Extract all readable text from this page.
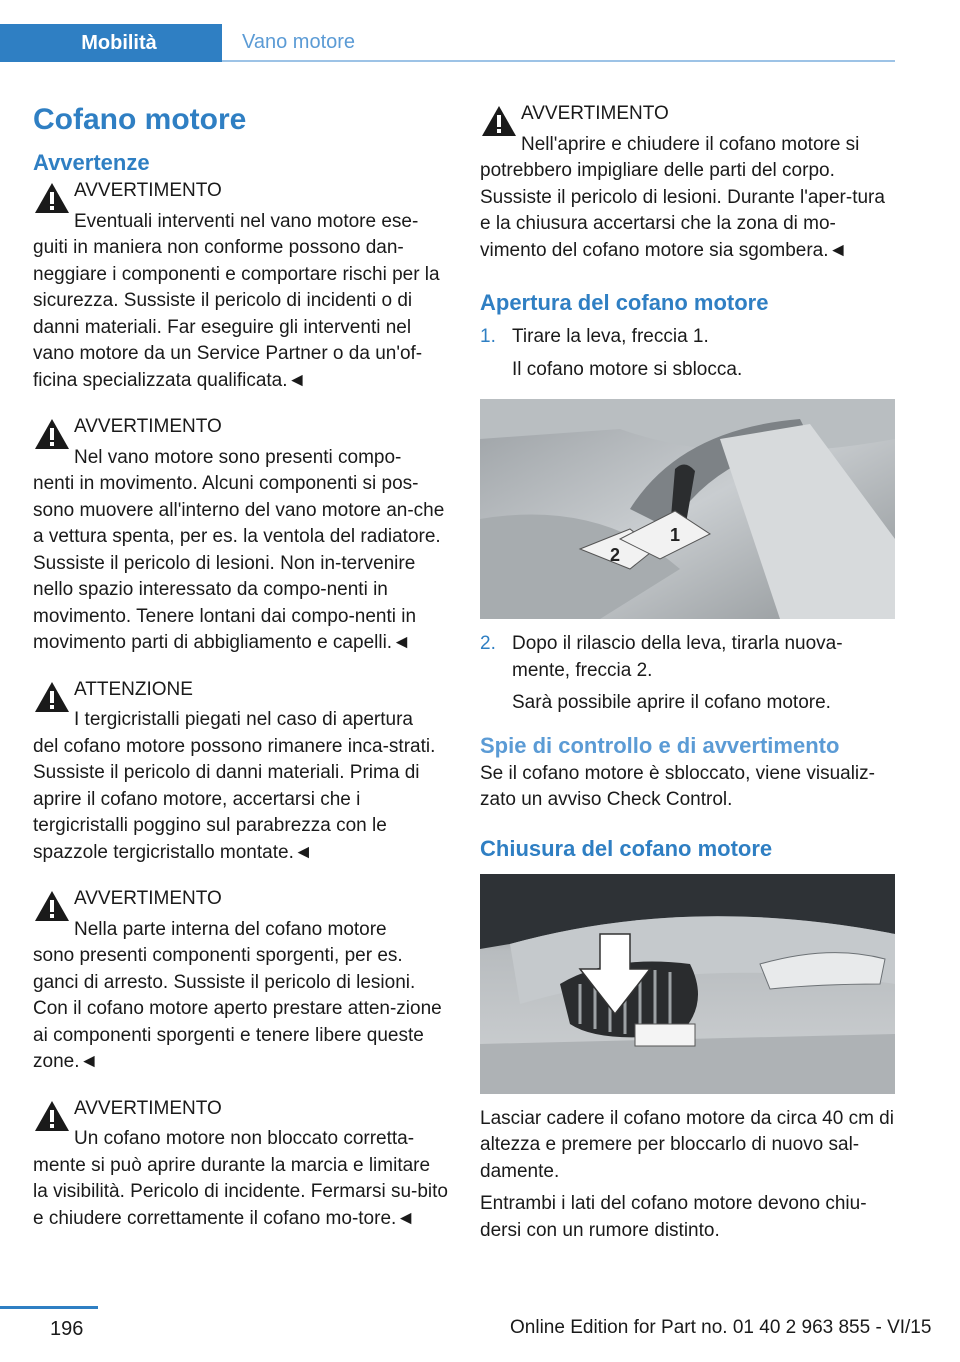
Mobilità	Vano motore
Cofano motore
Avvertenze
AVVERTIMENTO
Eventuali interventi nel vano motore ese-
guiti in maniera non conforme possono dan-neggiare i componenti e comportare rischi per la sicurezza. Sussiste il pericolo di incidenti o di danni materiali. Far eseguire gli interventi nel vano motore da un Service Partner o da un'of-ficina specializzata qualificata.◄
AVVERTIMENTO
Nel vano motore sono presenti compo-
nenti in movimento. Alcuni componenti si pos-sono muovere all'interno del vano motore an-che a vettura spenta, per es. la ventola del radiatore. Sussiste il pericolo di lesioni. Non in-tervenire nello spazio interessato da compo-nenti in movimento. Tenere lontani dai compo-nenti in movimento parti di abbigliamento e capelli.◄
ATTENZIONE
I tergicristalli piegati nel caso di apertura
del cofano motore possono rimanere inca-strati. Sussiste il pericolo di danni materiali. Prima di aprire il cofano motore, accertarsi che i tergicristalli poggino sul parabrezza con le spazzole tergicristallo montate.◄
AVVERTIMENTO
Nella parte interna del cofano motore
sono presenti componenti sporgenti, per es. ganci di arresto. Sussiste il pericolo di lesioni. Con il cofano motore aperto prestare atten-zione ai componenti sporgenti e tenere libere queste zone.◄
AVVERTIMENTO
Un cofano motore non bloccato corretta-
mente si può aprire durante la marcia e limitare la visibilità. Pericolo di incidente. Fermarsi su-bito e chiudere correttamente il cofano mo-tore.◄
AVVERTIMENTO
Nell'aprire e chiudere il cofano motore si
potrebbero impigliare delle parti del corpo. Sussiste il pericolo di lesioni. Durante l'aper-tura e la chiusura accertarsi che la zona di mo-vimento del cofano motore sia sgombera.◄
Apertura del cofano motore
1. Tirare la leva, freccia 1.

Il cofano motore si sblocca.

1
2
2. Dopo il rilascio della leva, tirarla nuova-mente, freccia 2.

Sarà possibile aprire il cofano motore.

Spie di controllo e di avvertimento

Se il cofano motore è sbloccato, viene visualiz-zato un avviso Check Control.

Chiusura del cofano motore

Lasciar cadere il cofano motore da circa 40 cm di altezza e premere per bloccarlo di nuovo sal-damente.

Entrambi i lati del cofano motore devono chiu-dersi con un rumore distinto.

196	Online Edition for Part no. 01 40 2 963 855 - VI/15
